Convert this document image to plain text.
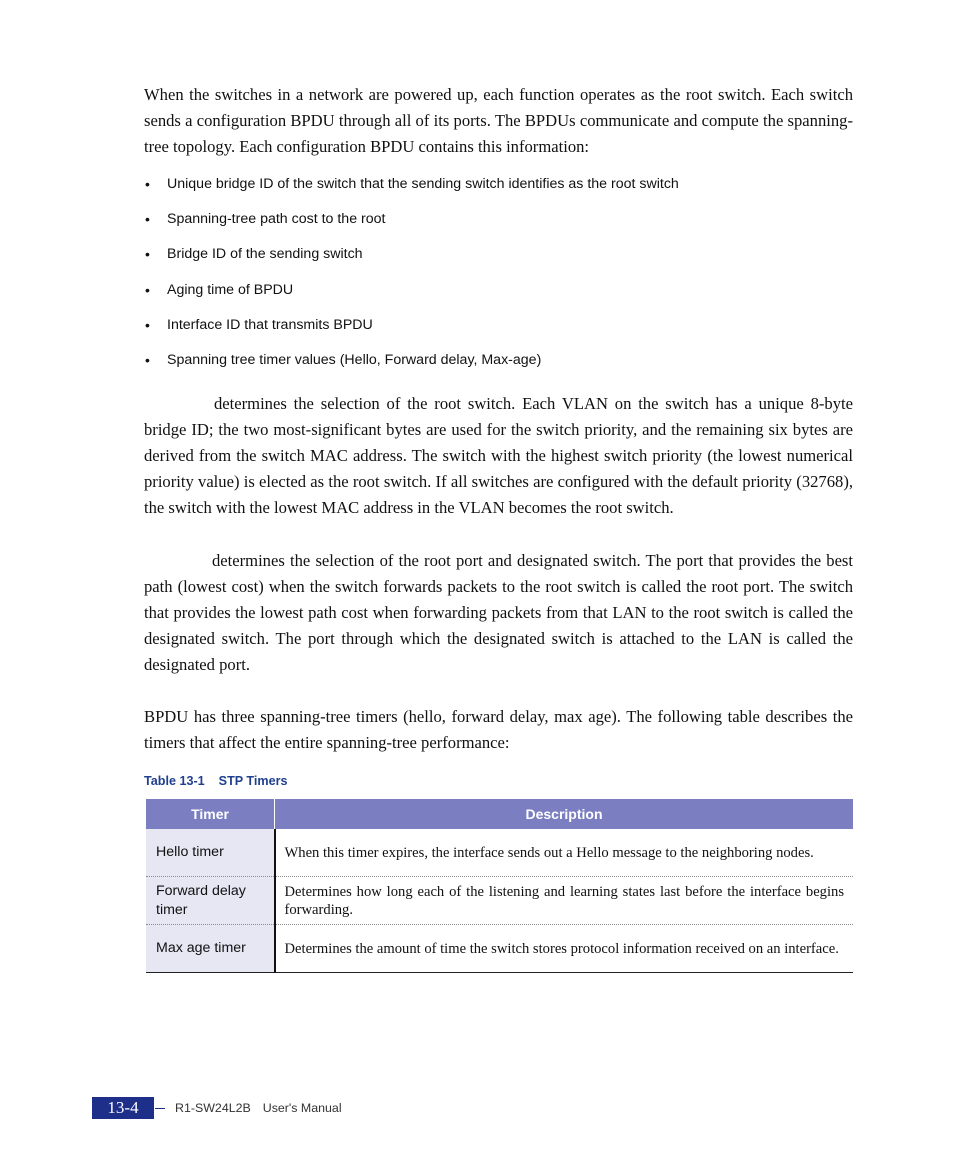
When the switches in a network are powered up, each function operates as the root switch. Each switch sends a configuration BPDU through all of its ports. The BPDUs communicate and compute the spanning-tree topology. Each configuration BPDU contains this information:

• Unique bridge ID of the switch that the sending switch identifies as the root switch
• Spanning-tree path cost to the root
• Bridge ID of the sending switch
• Aging time of BPDU
• Interface ID that transmits BPDU
• Spanning tree timer values (Hello, Forward delay, Max-age)

determines the selection of the root switch. Each VLAN on the switch has a unique 8-byte bridge ID; the two most-significant bytes are used for the switch priority, and the remaining six bytes are derived from the switch MAC address. The switch with the highest switch priority (the lowest numerical priority value) is elected as the root switch. If all switches are configured with the default priority (32768), the switch with the lowest MAC address in the VLAN becomes the root switch.

determines the selection of the root port and designated switch. The port that provides the best path (lowest cost) when the switch forwards packets to the root switch is called the root port. The switch that provides the lowest path cost when forwarding packets from that LAN to the root switch is called the designated switch. The port through which the designated switch is attached to the LAN is called the designated port.

BPDU has three spanning-tree timers (hello, forward delay, max age). The following table describes the timers that affect the entire spanning-tree performance:

Table 13-1 STP Timers
Timer	Description
Hello timer	When this timer expires, the interface sends out a Hello message to the neighboring nodes.
Forward delay timer	Determines how long each of the listening and learning states last before the interface begins forwarding.
Max age timer	Determines the amount of time the switch stores protocol information received on an interface.
13-4	R1-SW24L2B User's Manual
